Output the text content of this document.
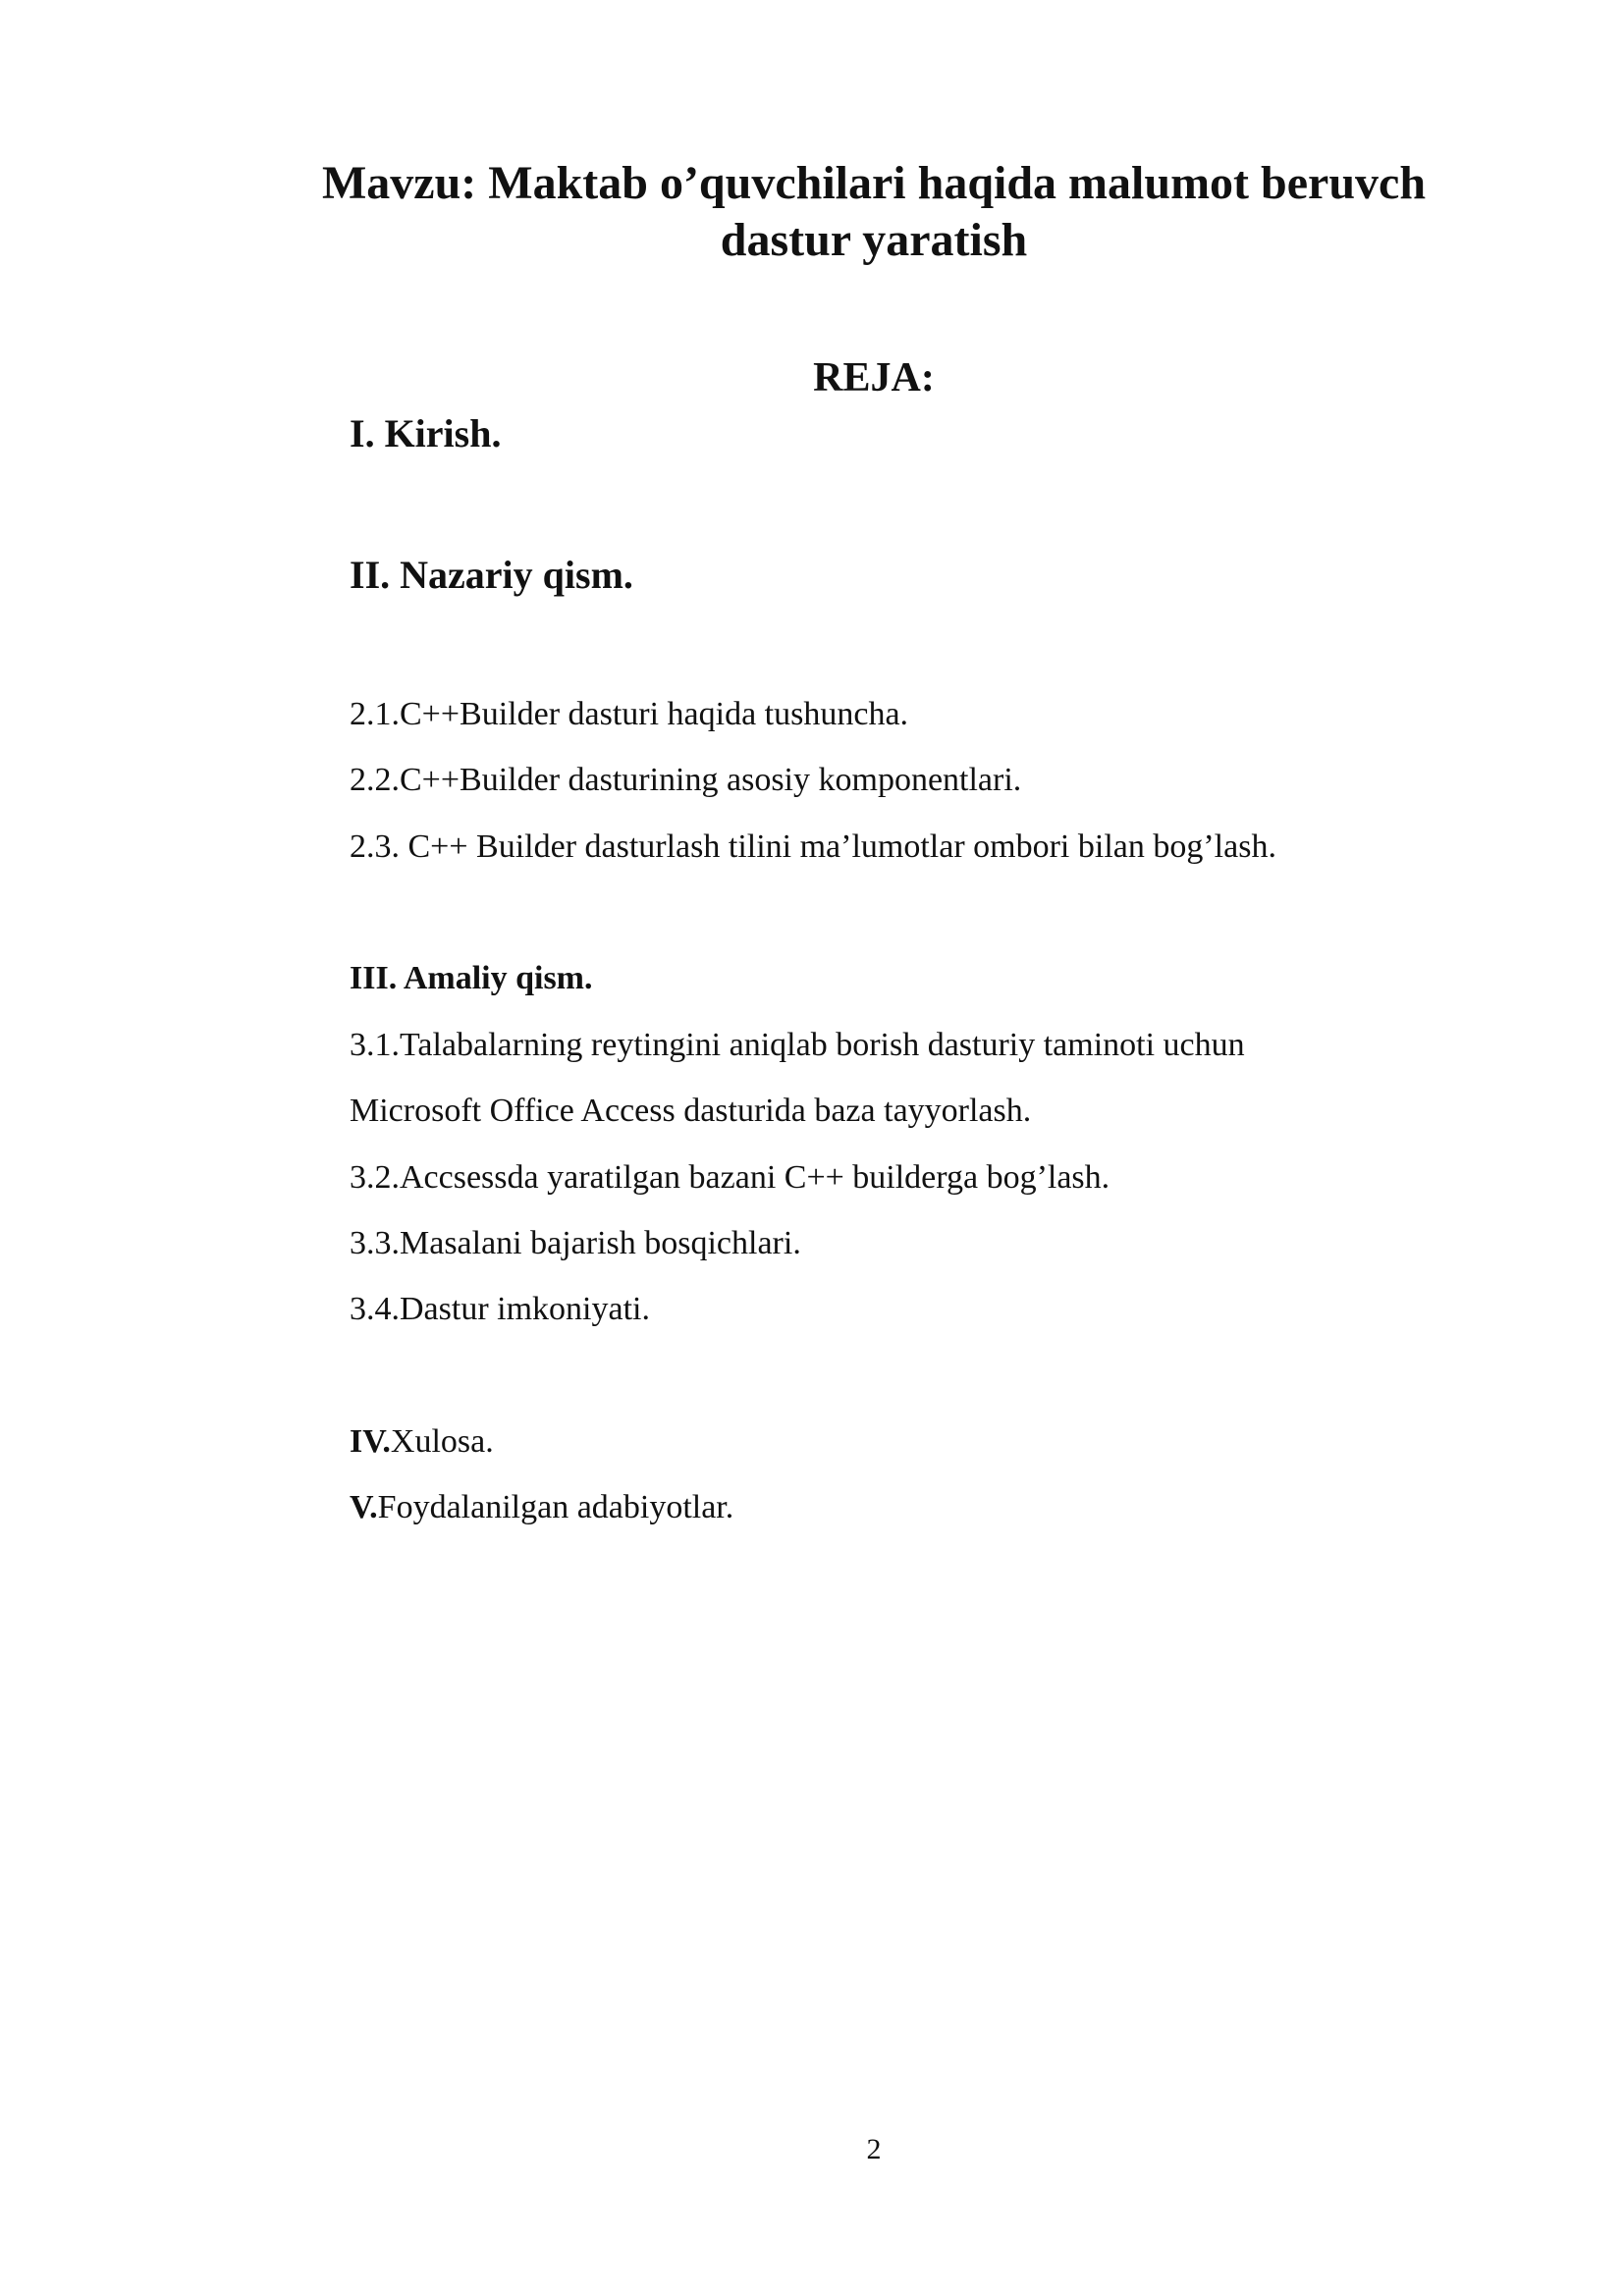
Mavzu: Maktab o’quvchilari haqida malumot beruvch
dastur yaratish
REJA:
I. Kirish.
II. Nazariy qism.
2.1.C++Builder dasturi haqida tushuncha.
2.2.C++Builder dasturining asosiy komponentlari.
2.3. C++ Builder dasturlash tilini ma’lumotlar ombori bilan bog’lash.
III. Amaliy qism.
3.1.Talabalarning reytingini aniqlab borish dasturiy taminoti uchun
Microsoft Office Access dasturida baza tayyorlash.
3.2.Accsessda yaratilgan bazani C++ builderga bog’lash.
3.3.Masalani bajarish bosqichlari.
3.4.Dastur imkoniyati.
IV.Xulosa.
V.Foydalanilgan adabiyotlar.
2
